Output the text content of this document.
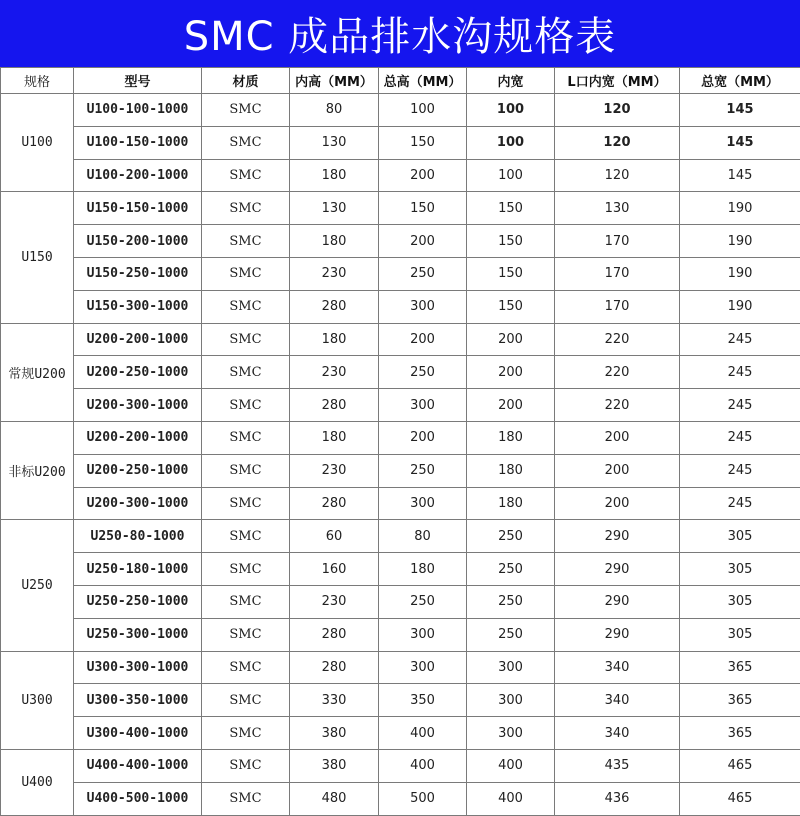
SMC 成品排水沟规格表
规格	型号	材质	内高（MM）	总高（MM）	内宽	L口内宽（MM）	总宽（MM）
U100	U100-100-1000	SMC	80	100	100	120	145
	U100-150-1000	SMC	130	150	100	120	145
	U100-200-1000	SMC	180	200	100	120	145
U150	U150-150-1000	SMC	130	150	150	130	190
	U150-200-1000	SMC	180	200	150	170	190
	U150-250-1000	SMC	230	250	150	170	190
	U150-300-1000	SMC	280	300	150	170	190
常规U200	U200-200-1000	SMC	180	200	200	220	245
	U200-250-1000	SMC	230	250	200	220	245
	U200-300-1000	SMC	280	300	200	220	245
非标U200	U200-200-1000	SMC	180	200	180	200	245
	U200-250-1000	SMC	230	250	180	200	245
	U200-300-1000	SMC	280	300	180	200	245
U250	U250-80-1000	SMC	60	80	250	290	305
	U250-180-1000	SMC	160	180	250	290	305
	U250-250-1000	SMC	230	250	250	290	305
	U250-300-1000	SMC	280	300	250	290	305
U300	U300-300-1000	SMC	280	300	300	340	365
	U300-350-1000	SMC	330	350	300	340	365
	U300-400-1000	SMC	380	400	300	340	365
U400	U400-400-1000	SMC	380	400	400	435	465
	U400-500-1000	SMC	480	500	400	436	465
